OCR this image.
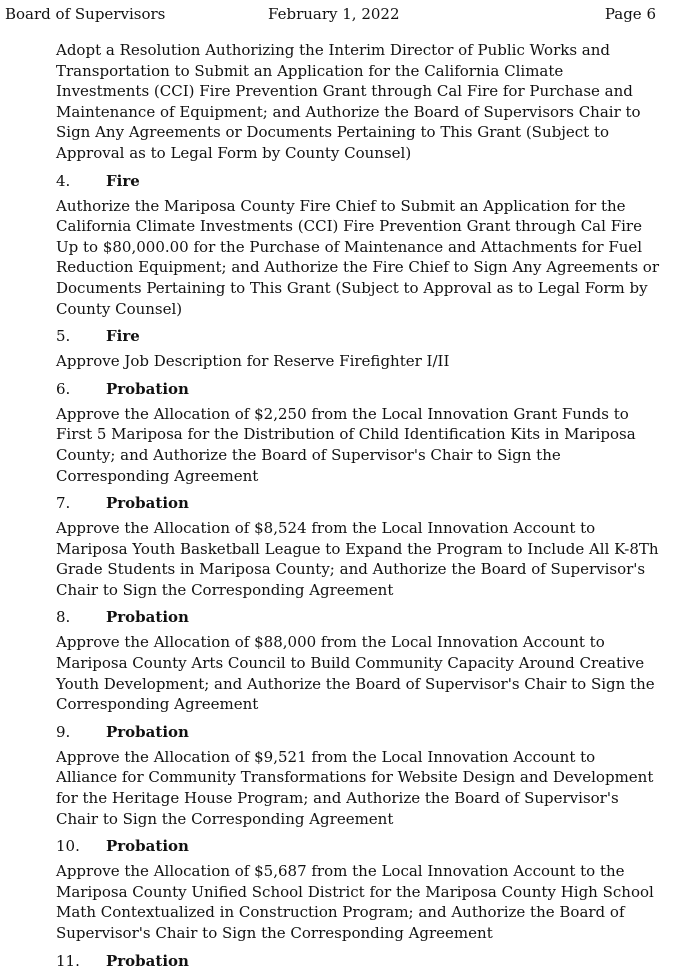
Board of Supervisors	February 1, 2022	Page 6

Adopt a Resolution Authorizing the Interim Director of Public Works and Transportation to Submit an Application for the California Climate Investments (CCI) Fire Prevention Grant through Cal Fire for Purchase and Maintenance of Equipment; and Authorize the Board of Supervisors Chair to Sign Any Agreements or Documents Pertaining to This Grant (Subject to Approval as to Legal Form by County Counsel)

4. Fire

Authorize the Mariposa County Fire Chief to Submit an Application for the California Climate Investments (CCI) Fire Prevention Grant through Cal Fire Up to $80,000.00 for the Purchase of Maintenance and Attachments for Fuel Reduction Equipment; and Authorize the Fire Chief to Sign Any Agreements or Documents Pertaining to This Grant (Subject to Approval as to Legal Form by County Counsel)

5. Fire

Approve Job Description for Reserve Firefighter I/II

6. Probation

Approve the Allocation of $2,250 from the Local Innovation Grant Funds to First 5 Mariposa for the Distribution of Child Identification Kits in Mariposa County; and Authorize the Board of Supervisor's Chair to Sign the Corresponding Agreement

7. Probation

Approve the Allocation of $8,524 from the Local Innovation Account to Mariposa Youth Basketball League to Expand the Program to Include All K-8Th Grade Students in Mariposa County; and Authorize the Board of Supervisor's Chair to Sign the Corresponding Agreement

8. Probation

Approve the Allocation of $88,000 from the Local Innovation Account to Mariposa County Arts Council to Build Community Capacity Around Creative Youth Development; and Authorize the Board of Supervisor's Chair to Sign the Corresponding Agreement

9. Probation

Approve the Allocation of $9,521 from the Local Innovation Account to Alliance for Community Transformations for Website Design and Development for the Heritage House Program; and Authorize the Board of Supervisor's Chair to Sign the Corresponding Agreement

10. Probation

Approve the Allocation of $5,687 from the Local Innovation Account to the Mariposa County Unified School District for the Mariposa County High School Math Contextualized in Construction Program; and Authorize the Board of Supervisor's Chair to Sign the Corresponding Agreement

11. Probation
